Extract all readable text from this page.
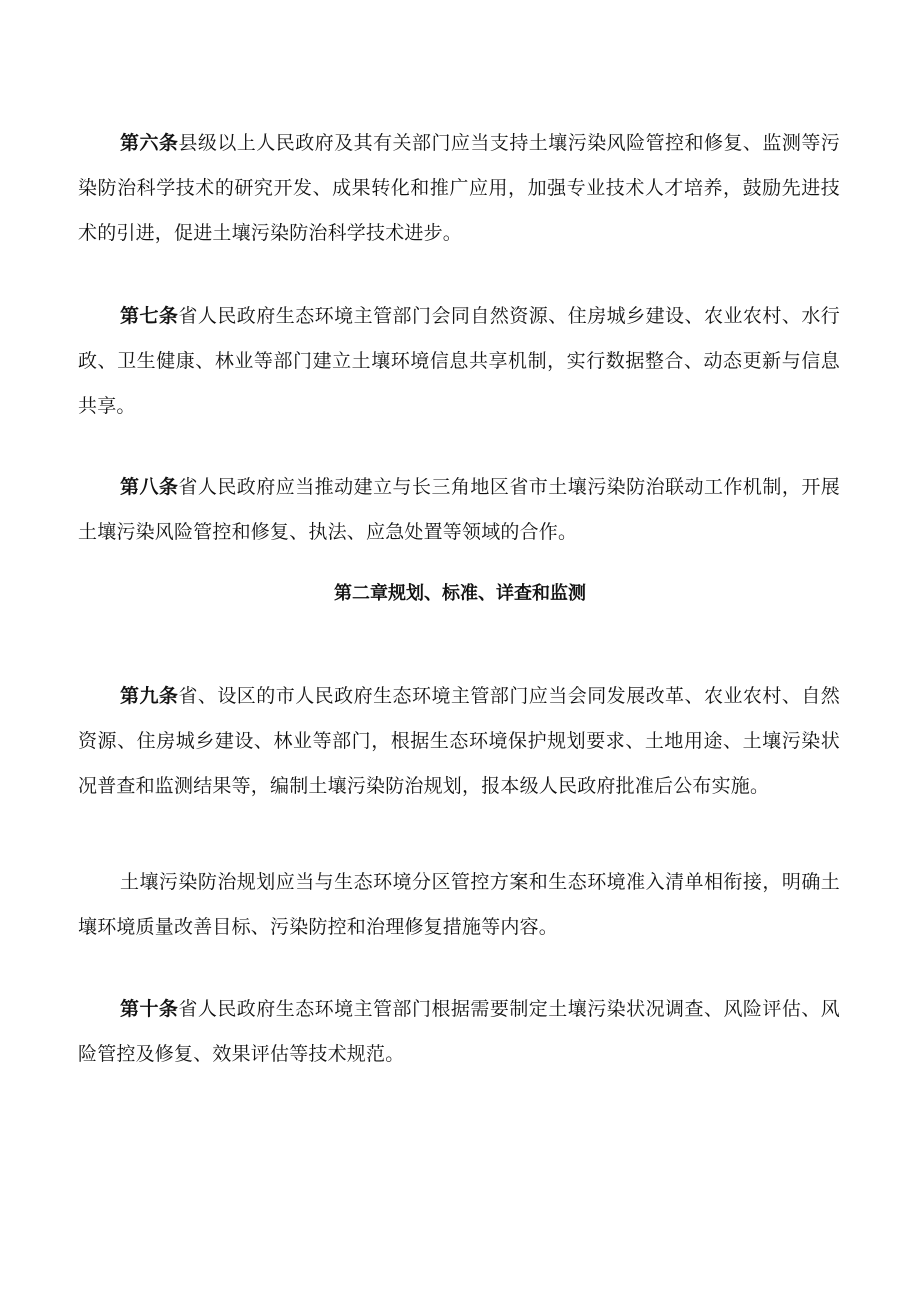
第六条县级以上人民政府及其有关部门应当支持土壤污染风险管控和修复、监测等污染防治科学技术的研究开发、成果转化和推广应用，加强专业技术人才培养，鼓励先进技术的引进，促进土壤污染防治科学技术进步。

第七条省人民政府生态环境主管部门会同自然资源、住房城乡建设、农业农村、水行政、卫生健康、林业等部门建立土壤环境信息共享机制，实行数据整合、动态更新与信息共享。

第八条省人民政府应当推动建立与长三角地区省市土壤污染防治联动工作机制，开展土壤污染风险管控和修复、执法、应急处置等领域的合作。

第二章规划、标准、详查和监测

第九条省、设区的市人民政府生态环境主管部门应当会同发展改革、农业农村、自然资源、住房城乡建设、林业等部门，根据生态环境保护规划要求、土地用途、土壤污染状况普查和监测结果等，编制土壤污染防治规划，报本级人民政府批准后公布实施。

土壤污染防治规划应当与生态环境分区管控方案和生态环境准入清单相衔接，明确土壤环境质量改善目标、污染防控和治理修复措施等内容。

第十条省人民政府生态环境主管部门根据需要制定土壤污染状况调查、风险评估、风险管控及修复、效果评估等技术规范。
